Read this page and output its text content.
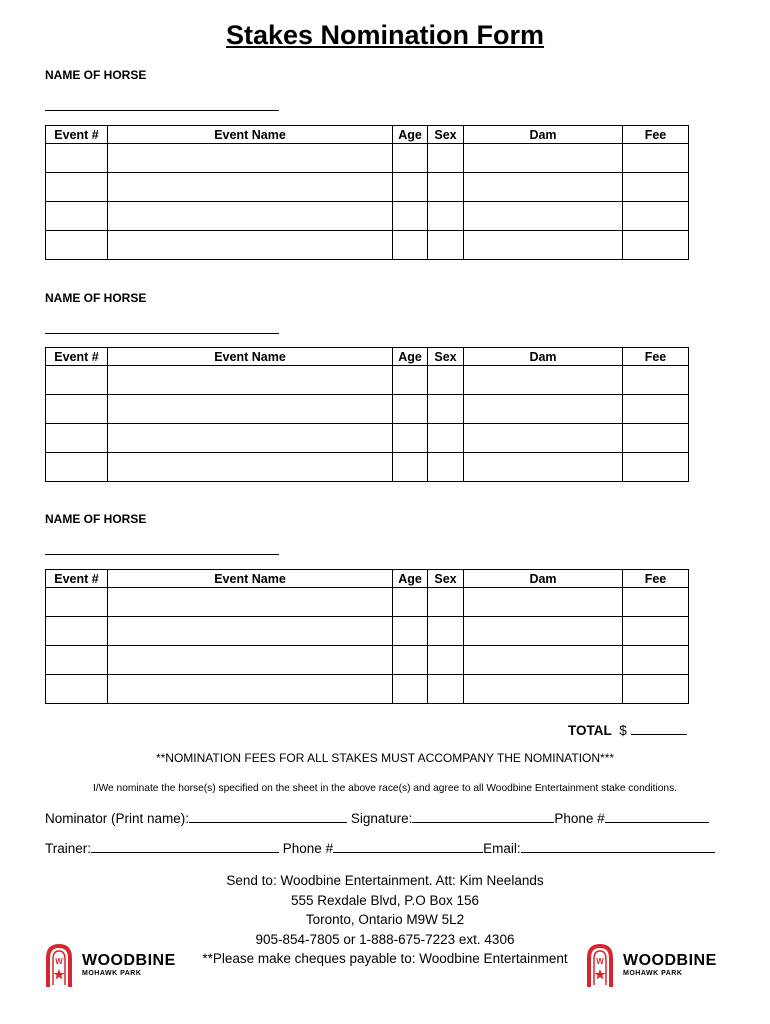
Stakes Nomination Form
NAME OF HORSE
Event #	Event Name	Age	Sex	Dam	Fee

NAME OF HORSE
Event #	Event Name	Age	Sex	Dam	Fee

NAME OF HORSE
Event #	Event Name	Age	Sex	Dam	Fee

TOTAL $
**NOMINATION FEES FOR ALL STAKES MUST ACCOMPANY THE NOMINATION***
I/We nominate the horse(s) specified on the sheet in the above race(s) and agree to all Woodbine Entertainment stake conditions.
Nominator (Print name):	Signature:	Phone #
Trainer:	Phone #	Email:
Send to: Woodbine Entertainment. Att: Kim Neelands
555 Rexdale Blvd, P.O Box 156
Toronto, Ontario M9W 5L2
905-854-7805 or 1-888-675-7223 ext. 4306
**Please make cheques payable to: Woodbine Entertainment
W WOODBINE
MOHAWK PARK
W WOODBINE
MOHAWK PARK
